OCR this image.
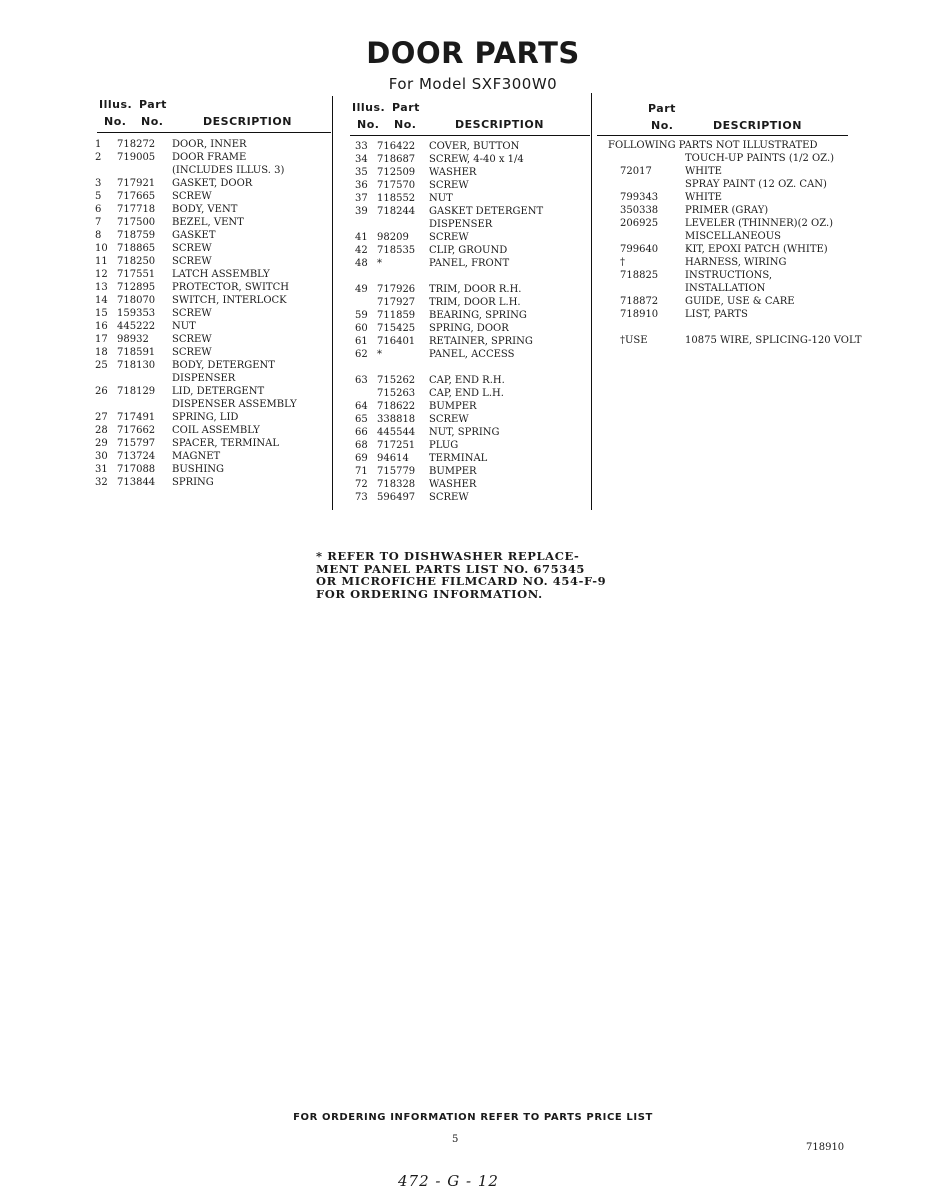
DOOR PARTS
For Model SXF300W0
Illus. Part
No. No.	DESCRIPTION
Illus. Part
No. No.	DESCRIPTION
Part
No.	DESCRIPTION
1 718272 DOOR, INNER
2 719005 DOOR FRAME
(INCLUDES ILLUS. 3)
3 717921 GASKET, DOOR
5 717665 SCREW
6 717718 BODY, VENT
7 717500 BEZEL, VENT
8 718759 GASKET
10 718865 SCREW
11 718250 SCREW
12 717551 LATCH ASSEMBLY
13 712895 PROTECTOR, SWITCH
14 718070 SWITCH, INTERLOCK
15 159353 SCREW
16 445222 NUT
17 98932 SCREW
18 718591 SCREW
25 718130 BODY, DETERGENT
DISPENSER
26 718129 LID, DETERGENT
DISPENSER ASSEMBLY
27 717491 SPRING, LID
28 717662 COIL ASSEMBLY
29 715797 SPACER, TERMINAL
30 713724 MAGNET
31 717088 BUSHING
32 713844 SPRING
33 716422 COVER, BUTTON
34 718687 SCREW, 4-40 x 1/4
35 712509 WASHER
36 717570 SCREW
37 118552 NUT
39 718244 GASKET DETERGENT
DISPENSER
41 98209 SCREW
42 718535 CLIP, GROUND
48 *	PANEL, FRONT
49 717926 TRIM, DOOR R.H.
717927 TRIM, DOOR L.H.
59 711859 BEARING, SPRING
60 715425 SPRING, DOOR
61 716401 RETAINER, SPRING
62 *	PANEL, ACCESS
63 715262 CAP, END R.H.
715263 CAP, END L.H.
64 718622 BUMPER
65 338818 SCREW
66 445544 NUT, SPRING
68 717251 PLUG
69 94614 TERMINAL
71 715779 BUMPER
72 718328 WASHER
73 596497 SCREW
FOLLOWING PARTS NOT ILLUSTRATED
TOUCH-UP PAINTS (1/2 OZ.)
72017	WHITE
SPRAY PAINT (12 OZ. CAN)
799343	WHITE
350338	PRIMER (GRAY)
206925	LEVELER (THINNER)(2 OZ.)
MISCELLANEOUS
799640	KIT, EPOXI PATCH (WHITE)
†	HARNESS, WIRING
718825	INSTRUCTIONS,
INSTALLATION
718872	GUIDE, USE & CARE
718910	LIST, PARTS
†USE	10875 WIRE, SPLICING-120 VOLT
* REFER TO DISHWASHER REPLACE-
MENT PANEL PARTS LIST NO. 675345
OR MICROFICHE FILMCARD NO. 454-F-9
FOR ORDERING INFORMATION.
FOR ORDERING INFORMATION REFER TO PARTS PRICE LIST
5
718910
472 - G - 12
